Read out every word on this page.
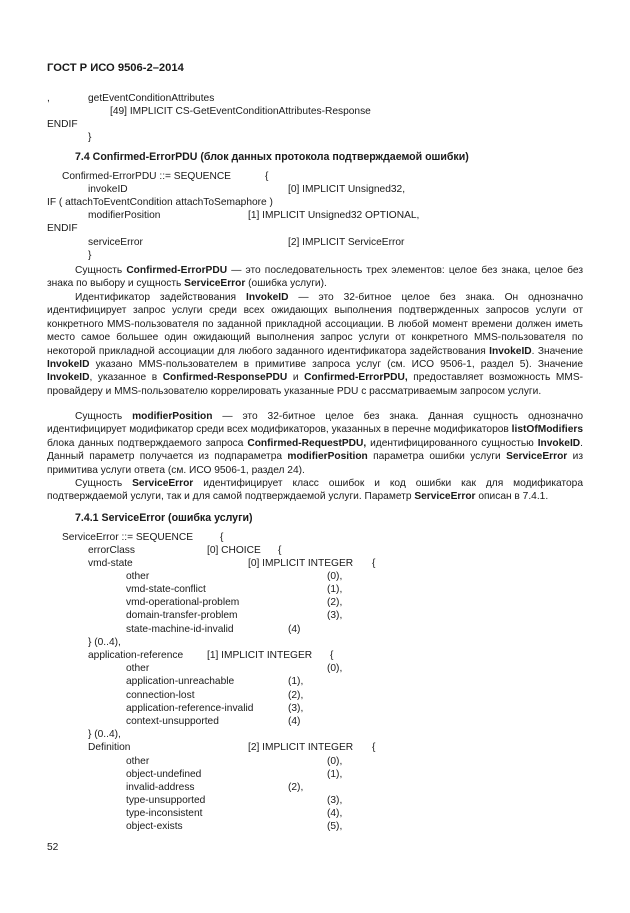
ГОСТ Р ИСО 9506-2–2014
,	getEventConditionAttributes
[49] IMPLICIT CS-GetEventConditionAttributes-Response
ENDIF
}
7.4 Confirmed-ErrorPDU (блок данных протокола подтверждаемой ошибки)
Confirmed-ErrorPDU ::= SEQUENCE	{
invokeID	[0] IMPLICIT Unsigned32,
IF ( attachToEventCondition attachToSemaphore )
modifierPosition	[1] IMPLICIT Unsigned32 OPTIONAL,
ENDIF
serviceError	[2] IMPLICIT ServiceError
}
Сущность Confirmed-ErrorPDU — это последовательность трех элементов: целое без знака, целое без знака по выбору и сущность ServiceError (ошибка услуги).
Идентификатор задействования InvokeID — это 32-битное целое без знака. Он однозначно идентифицирует запрос услуги среди всех ожидающих выполнения подтвержденных запросов услуги от конкретного MMS-пользователя по заданной прикладной ассоциации. В любой момент времени должен иметь место самое большее один ожидающий выполнения запрос услуги от конкретного MMS-пользователя по некоторой прикладной ассоциации для любого заданного идентификатора задействования InvokeID. Значение InvokeID указано MMS-пользователем в примитиве запроса услуг (см. ИСО 9506-1, раздел 5). Значение InvokeID, указанное в Confirmed-ResponsePDU и Confirmed-ErrorPDU, предоставляет возможность MMS-провайдеру и MMS-пользователю коррелировать указанные PDU с рассматриваемым запросом услуги.
Сущность modifierPosition — это 32-битное целое без знака. Данная сущность однозначно идентифицирует модификатор среди всех модификаторов, указанных в перечне модификаторов listOfModifiers блока данных подтверждаемого запроса Confirmed-RequestPDU, идентифицированного сущностью InvokeID. Данный параметр получается из подпараметра modifierPosition параметра ошибки услуги ServiceError из примитива услуги ответа (см. ИСО 9506-1, раздел 24).
Сущность ServiceError идентифицирует класс ошибок и код ошибки как для модификатора подтверждаемой услуги, так и для самой подтверждаемой услуги. Параметр ServiceError описан в 7.4.1.
7.4.1 ServiceError (ошибка услуги)
ServiceError ::= SEQUENCE	{
errorClass	[0] CHOICE {
vmd-state	[0] IMPLICIT INTEGER {
other	(0),
vmd-state-conflict	(1),
vmd-operational-problem	(2),
domain-transfer-problem	(3),
state-machine-id-invalid	(4)
} (0..4),
application-reference [1] IMPLICIT INTEGER {
other	(0),
application-unreachable	(1),
connection-lost	(2),
application-reference-invalid	(3),
context-unsupported	(4)
} (0..4),
Definition	[2] IMPLICIT INTEGER {
other	(0),
object-undefined	(1),
invalid-address	(2),
type-unsupported	(3),
type-inconsistent	(4),
object-exists	(5),
52
